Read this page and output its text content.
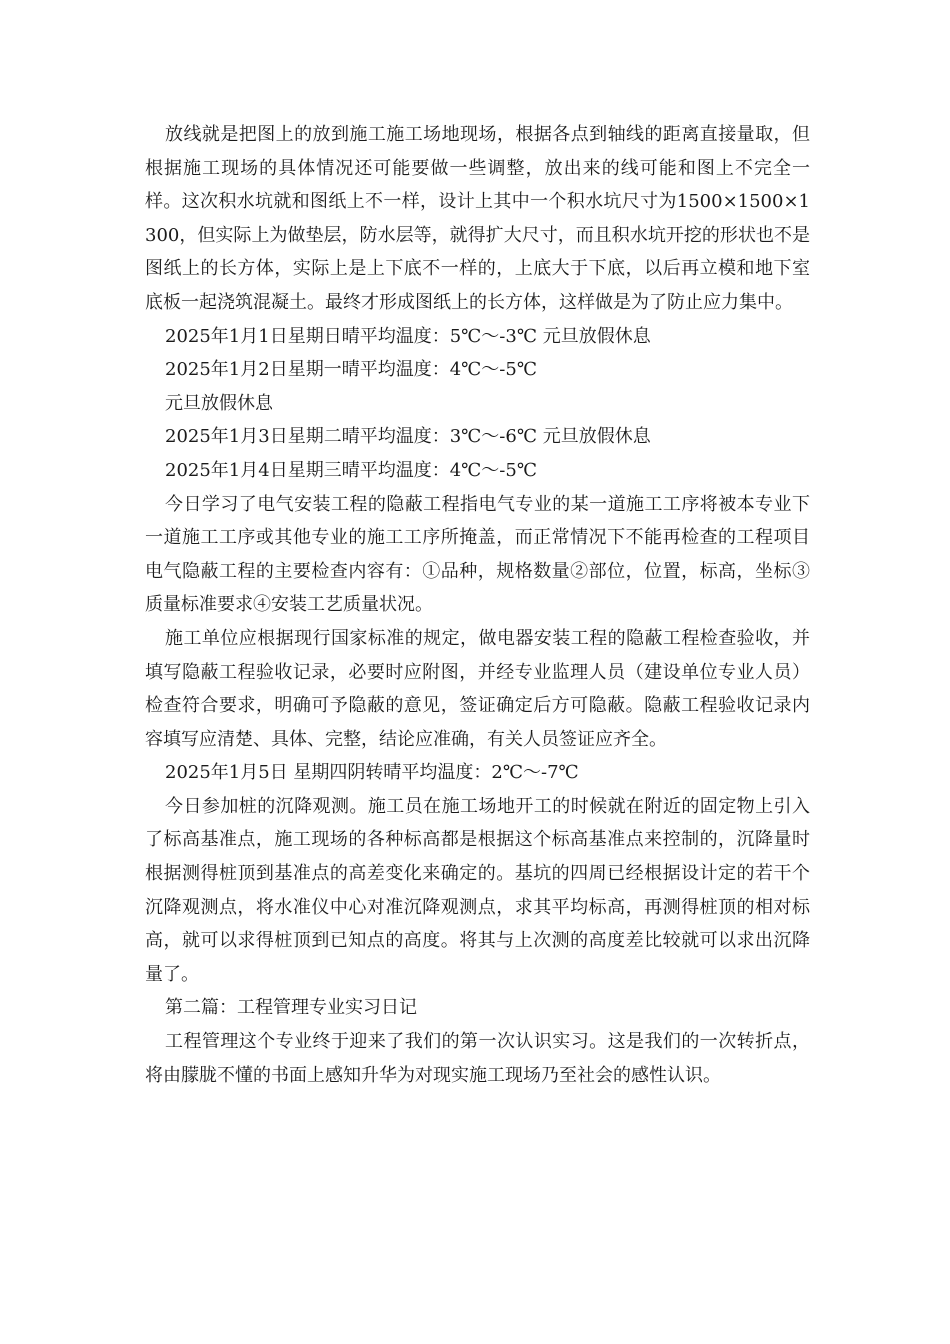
放线就是把图上的放到施工施工场地现场，根据各点到轴线的距离直接量取，但根据施工现场的具体情况还可能要做一些调整，放出来的线可能和图上不完全一样。这次积水坑就和图纸上不一样，设计上其中一个积水坑尺寸为1500×1500×1300，但实际上为做垫层，防水层等，就得扩大尺寸，而且积水坑开挖的形状也不是图纸上的长方体，实际上是上下底不一样的，上底大于下底，以后再立模和地下室底板一起浇筑混凝土。最终才形成图纸上的长方体，这样做是为了防止应力集中。

2025年1月1日星期日晴平均温度：5℃～-3℃ 元旦放假休息

2025年1月2日星期一晴平均温度：4℃～-5℃

元旦放假休息

2025年1月3日星期二晴平均温度：3℃～-6℃ 元旦放假休息

2025年1月4日星期三晴平均温度：4℃～-5℃

今日学习了电气安装工程的隐蔽工程指电气专业的某一道施工工序将被本专业下一道施工工序或其他专业的施工工序所掩盖，而正常情况下不能再检查的工程项目电气隐蔽工程的主要检查内容有：①品种，规格数量②部位，位置，标高，坐标③质量标准要求④安装工艺质量状况。

施工单位应根据现行国家标准的规定，做电器安装工程的隐蔽工程检查验收，并填写隐蔽工程验收记录，必要时应附图，并经专业监理人员（建设单位专业人员）检查符合要求，明确可予隐蔽的意见，签证确定后方可隐蔽。隐蔽工程验收记录内容填写应清楚、具体、完整，结论应准确，有关人员签证应齐全。

2025年1月5日 星期四阴转晴平均温度：2℃～-7℃

今日参加桩的沉降观测。施工员在施工场地开工的时候就在附近的固定物上引入了标高基准点，施工现场的各种标高都是根据这个标高基准点来控制的，沉降量时根据测得桩顶到基准点的高差变化来确定的。基坑的四周已经根据设计定的若干个沉降观测点，将水准仪中心对准沉降观测点，求其平均标高，再测得桩顶的相对标高，就可以求得桩顶到已知点的高度。将其与上次测的高度差比较就可以求出沉降量了。

第二篇：工程管理专业实习日记

工程管理这个专业终于迎来了我们的第一次认识实习。这是我们的一次转折点，将由朦胧不懂的书面上感知升华为对现实施工现场乃至社会的感性认识。
